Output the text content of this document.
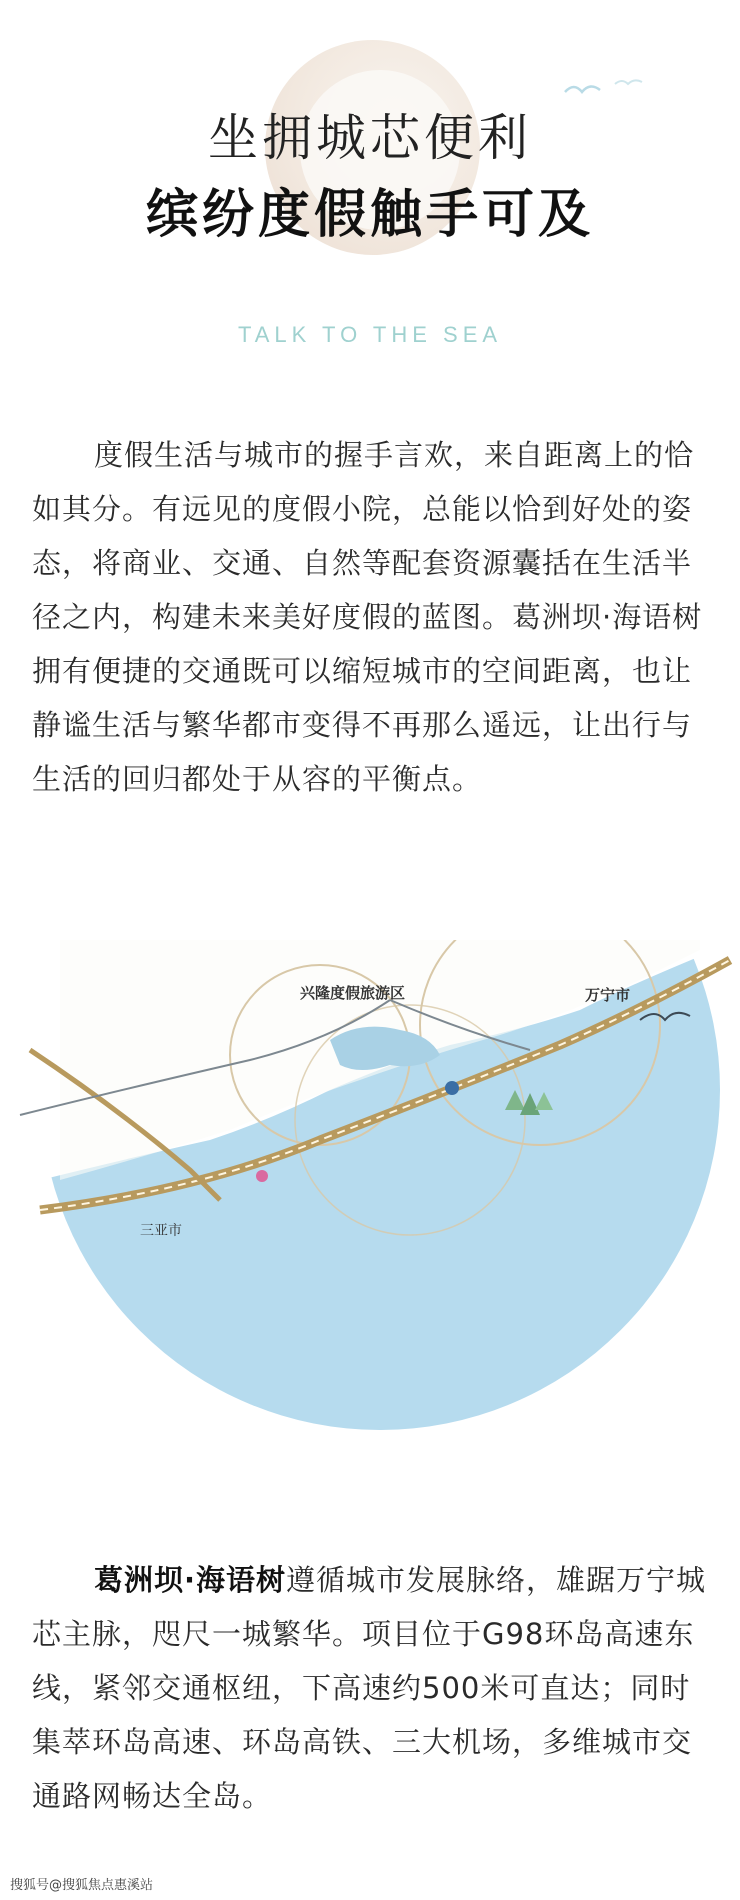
坐拥城芯便利
缤纷度假触手可及
TALK TO THE SEA
度假生活与城市的握手言欢，来自距离上的恰如其分。有远见的度假小院，总能以恰到好处的姿态，将商业、交通、自然等配套资源囊括在生活半径之内，构建未来美好度假的蓝图。葛洲坝·海语树拥有便捷的交通既可以缩短城市的空间距离，也让静谧生活与繁华都市变得不再那么遥远，让出行与生活的回归都处于从容的平衡点。
兴隆度假旅游区	万宁市
三亚市
葛洲坝·海语树遵循城市发展脉络，雄踞万宁城芯主脉，咫尺一城繁华。项目位于G98环岛高速东线，紧邻交通枢纽，下高速约500米可直达；同时集萃环岛高速、环岛高铁、三大机场，多维城市交通路网畅达全岛。
搜狐号@搜狐焦点惠溪站
